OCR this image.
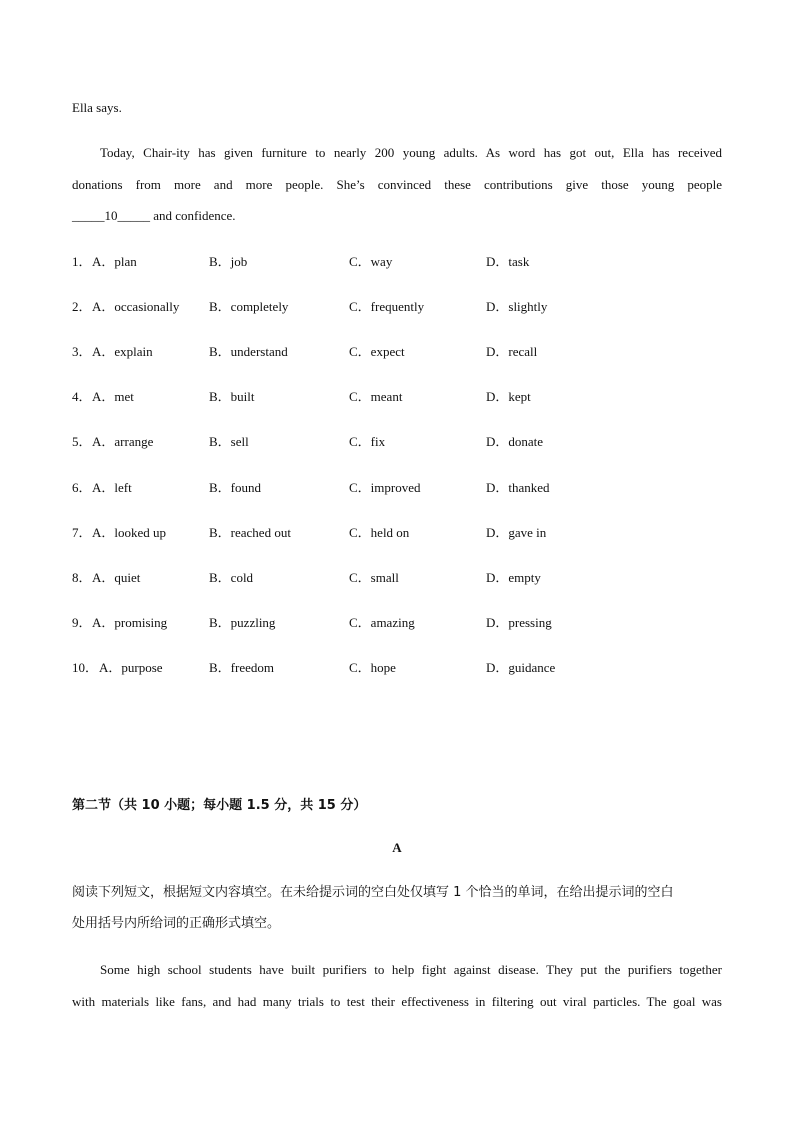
Ella says.
Today, Chair-ity has given furniture to nearly 200 young adults. As word has got out, Ella has received
donations from more and more people. She’s convinced these contributions give those young people
_____10_____ and confidence.
1． A．plan	B．job	C．way	D．task
2． A．occasionally B．completely	C．frequently	D．slightly
3． A．explain	B．understand	C．expect	D．recall
4． A．met	B．built	C．meant	D．kept
5． A．arrange	B．sell	C．fix	D．donate
6． A．left	B．found	C．improved	D．thanked
7． A．looked up	B．reached out	C．held on	D．gave in
8． A．quiet	B．cold	C．small	D．empty
9． A．promising	B．puzzling	C．amazing	D．pressing
10． A．purpose	B．freedom	C．hope	D．guidance
第二节（共 10 小题；每小题 1.5 分，共 15 分）
A
阅读下列短文，根据短文内容填空。在未给提示词的空白处仅填写 1 个恰当的单词，在给出提示词的空白
处用括号内所给词的正确形式填空。
Some high school students have built purifiers to help fight against disease. They put the purifiers together
with materials like fans, and had many trials to test their effectiveness in filtering out viral particles. The goal was
